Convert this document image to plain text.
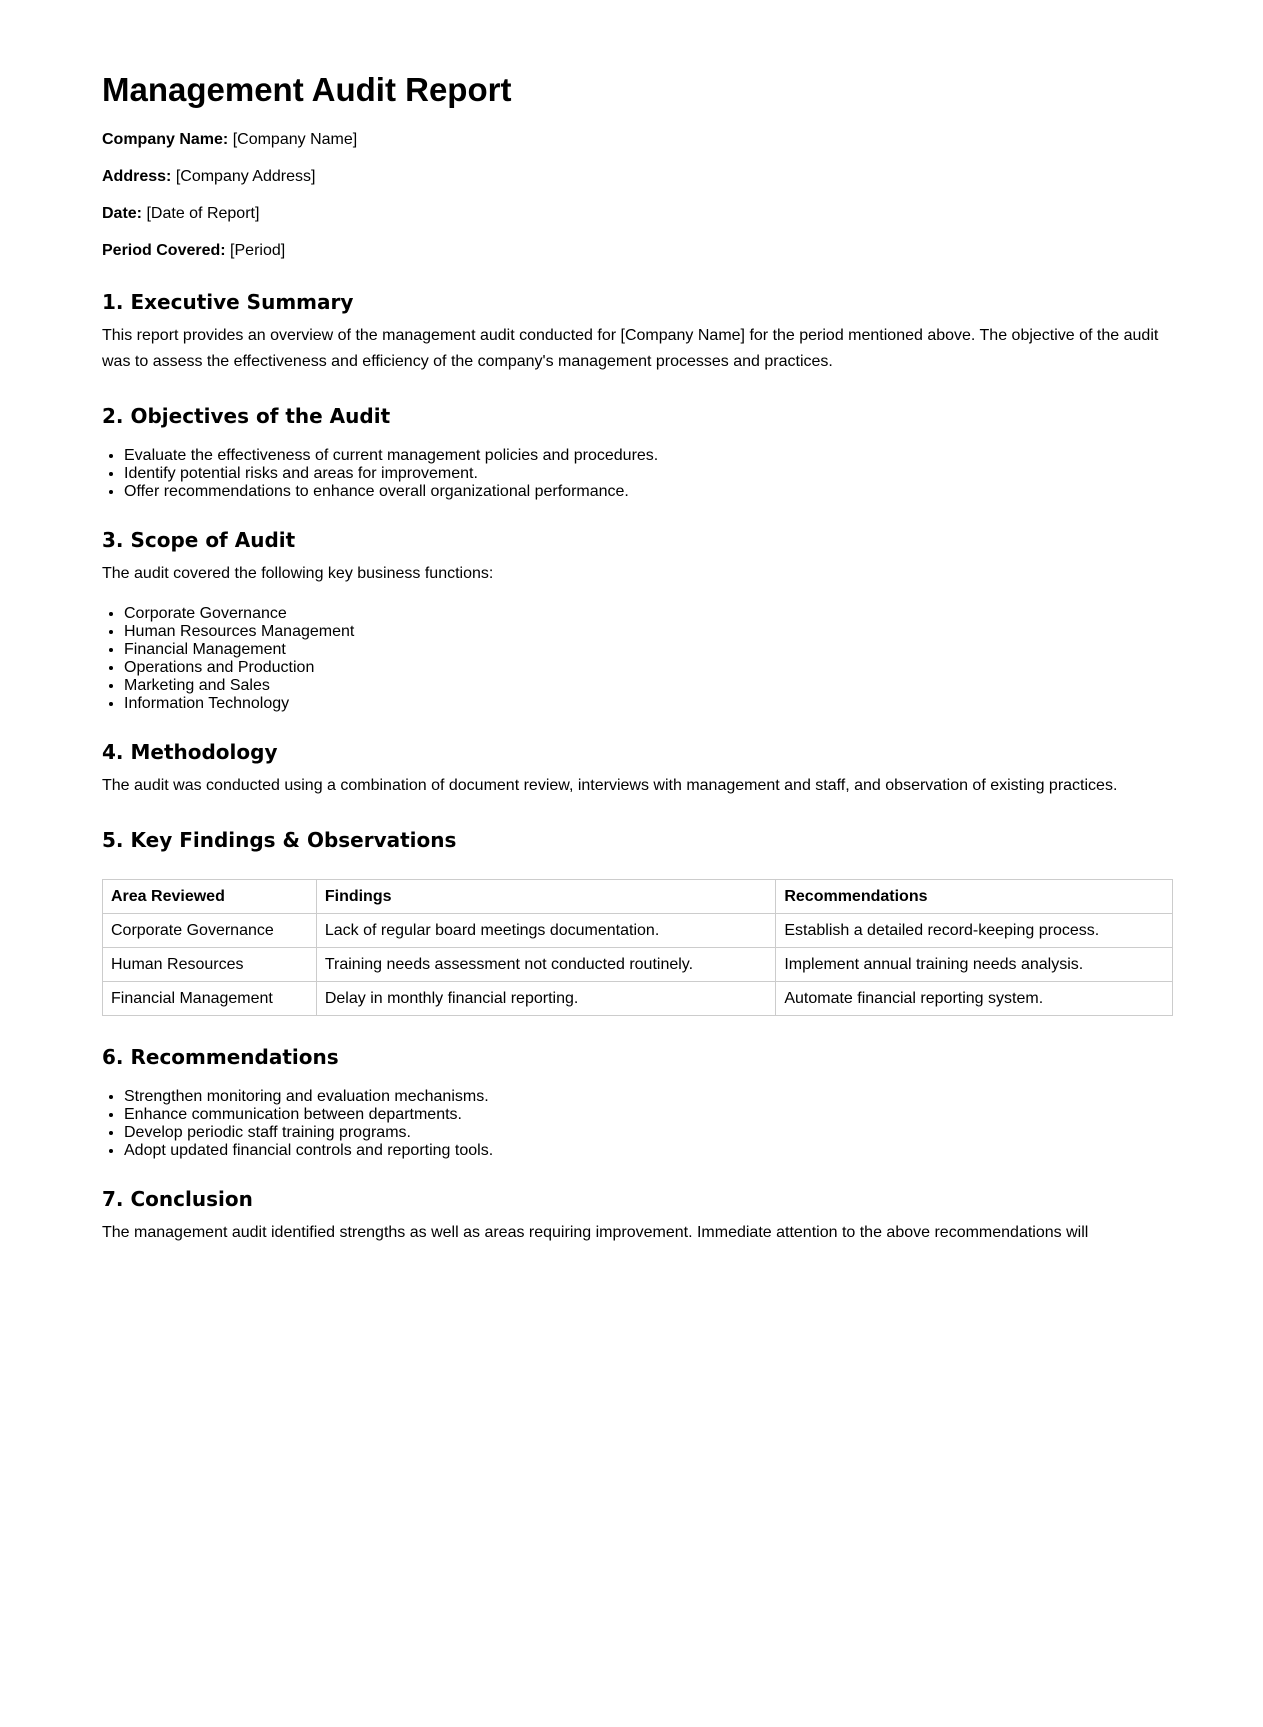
Management Audit Report
Company Name: [Company Name]
Address: [Company Address]
Date: [Date of Report]
Period Covered: [Period]
1. Executive Summary

This report provides an overview of the management audit conducted for [Company Name] for the period mentioned above. The objective of the audit was to assess the effectiveness and efficiency of the company's management processes and practices.

2. Objectives of the Audit
• Evaluate the effectiveness of current management policies and procedures.
• Identify potential risks and areas for improvement.
• Offer recommendations to enhance overall organizational performance.
3. Scope of Audit

The audit covered the following key business functions:

• Corporate Governance
• Human Resources Management
• Financial Management
• Operations and Production
• Marketing and Sales
• Information Technology
4. Methodology

The audit was conducted using a combination of document review, interviews with management and staff, and observation of existing practices.

5. Key Findings & Observations
Area Reviewed	Findings	Recommendations
Corporate Governance	Lack of regular board meetings documentation.	Establish a detailed record-keeping process.
Human Resources	Training needs assessment not conducted routinely.	Implement annual training needs analysis.
Financial Management	Delay in monthly financial reporting.	Automate financial reporting system.
6. Recommendations
• Strengthen monitoring and evaluation mechanisms.
• Enhance communication between departments.
• Develop periodic staff training programs.
• Adopt updated financial controls and reporting tools.
7. Conclusion

The management audit identified strengths as well as areas requiring improvement. Immediate attention to the above recommendations will
